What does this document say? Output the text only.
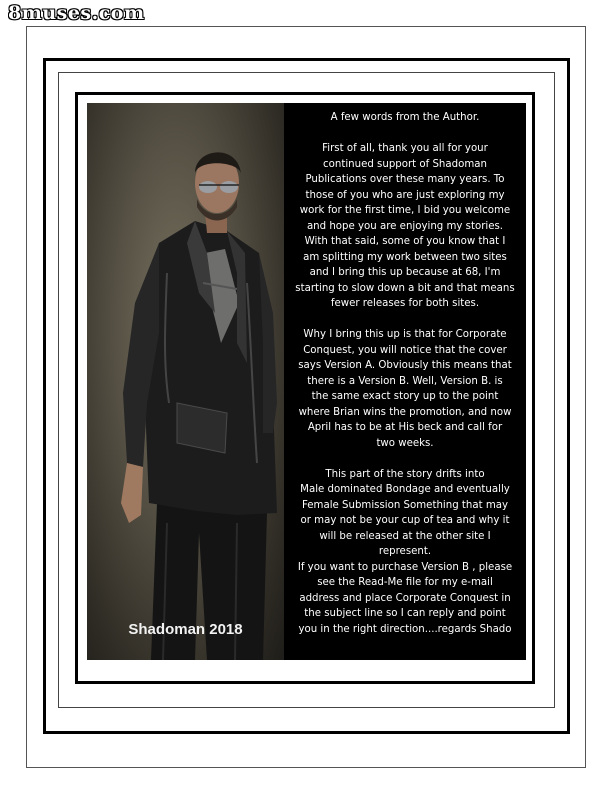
8muses.com
Shadoman 2018

A few words from the Author.

First of all, thank you all for your

continued support of Shadoman

Publications over these many years. To

those of you who are just exploring my

work for the first time, I bid you welcome

and hope you are enjoying my stories.

With that said, some of you know that I

am splitting my work between two sites

and I bring this up because at 68, I'm

starting to slow down a bit and that means

fewer releases for both sites.

Why I bring this up is that for Corporate

Conquest, you will notice that the cover

says Version A. Obviously this means that

there is a Version B. Well, Version B. is

the same exact story up to the point

where Brian wins the promotion, and now

April has to be at His beck and call for

two weeks.

This part of the story drifts into

Male dominated Bondage and eventually

Female Submission Something that may

or may not be your cup of tea and why it

will be released at the other site I

represent.

If you want to purchase Version B , please

see the Read-Me file for my e-mail

address and place Corporate Conquest in

the subject line so I can reply and point

you in the right direction....regards Shado
